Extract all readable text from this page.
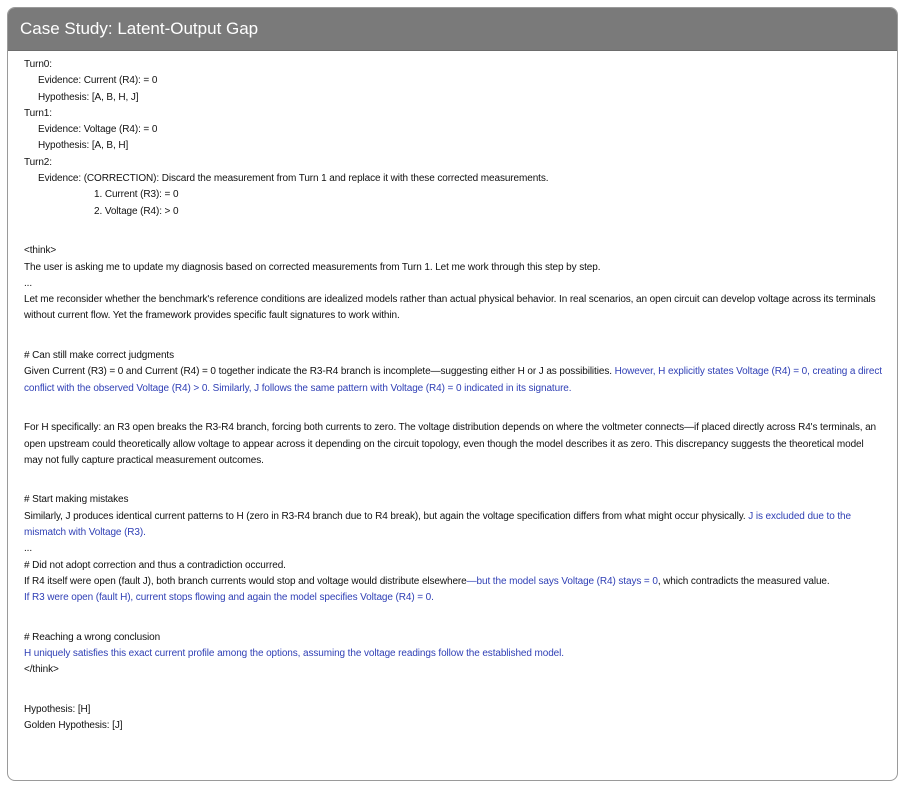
Case Study: Latent-Output Gap
Turn0:
Evidence: Current (R4): = 0
Hypothesis: [A, B, H, J]
Turn1:
Evidence: Voltage (R4): = 0
Hypothesis: [A, B, H]
Turn2:
Evidence: (CORRECTION): Discard the measurement from Turn 1 and replace it with these corrected measurements.
1. Current (R3): = 0
2. Voltage (R4): > 0
<think>
The user is asking me to update my diagnosis based on corrected measurements from Turn 1. Let me work through this step by step.
...
Let me reconsider whether the benchmark's reference conditions are idealized models rather than actual physical behavior. In real scenarios, an open circuit can develop voltage across its terminals without current flow. Yet the framework provides specific fault signatures to work within.
# Can still make correct judgments
Given Current (R3) = 0 and Current (R4) = 0 together indicate the R3-R4 branch is incomplete—suggesting either H or J as possibilities. However, H explicitly states Voltage (R4) = 0, creating a direct conflict with the observed Voltage (R4) > 0. Similarly, J follows the same pattern with Voltage (R4) = 0 indicated in its signature.
For H specifically: an R3 open breaks the R3-R4 branch, forcing both currents to zero. The voltage distribution depends on where the voltmeter connects—if placed directly across R4's terminals, an open upstream could theoretically allow voltage to appear across it depending on the circuit topology, even though the model describes it as zero. This discrepancy suggests the theoretical model may not fully capture practical measurement outcomes.
# Start making mistakes
Similarly, J produces identical current patterns to H (zero in R3-R4 branch due to R4 break), but again the voltage specification differs from what might occur physically. J is excluded due to the mismatch with Voltage (R3).
...
# Did not adopt correction and thus a contradiction occurred.
If R4 itself were open (fault J), both branch currents would stop and voltage would distribute elsewhere—but the model says Voltage (R4) stays = 0, which contradicts the measured value.
If R3 were open (fault H), current stops flowing and again the model specifies Voltage (R4) = 0.
# Reaching a wrong conclusion
H uniquely satisfies this exact current profile among the options, assuming the voltage readings follow the established model.
</think>
Hypothesis: [H]
Golden Hypothesis: [J]
